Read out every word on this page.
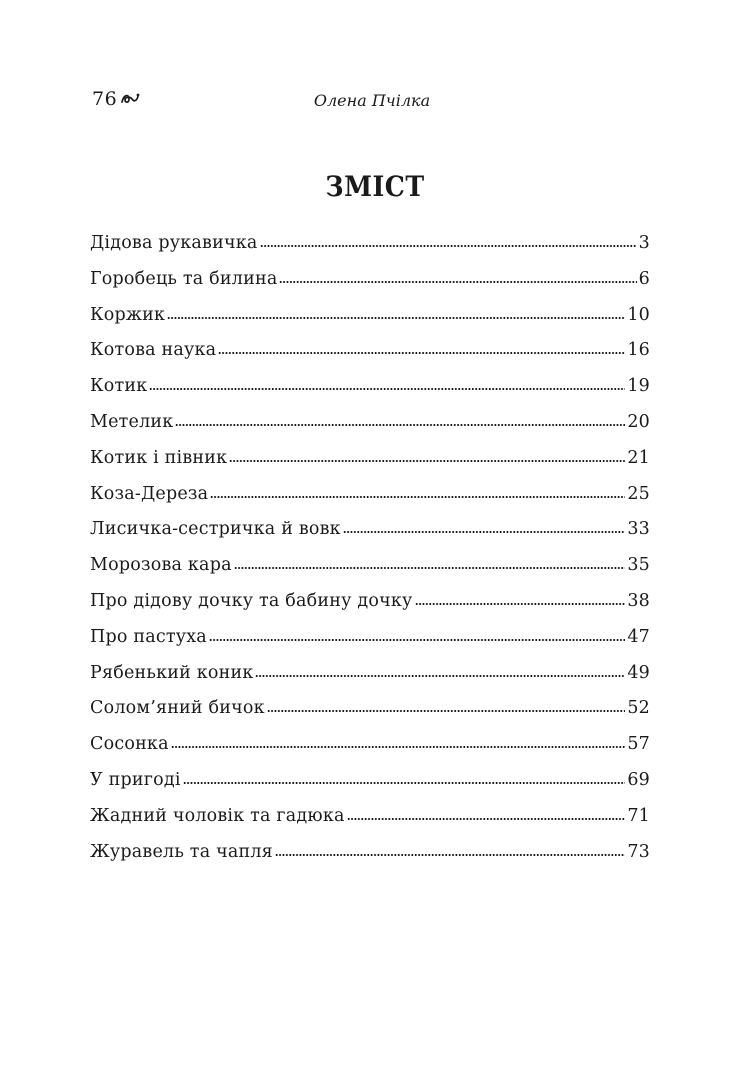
76	Олена Пчілка
ЗМІСТ
Дідова рукавичка	3
Горобець та билина	6
Коржик	10
Котова наука	16
Котик	19
Метелик	20
Котик і півник	21
Коза-Дереза	25
Лисичка-сестричка й вовк	33
Морозова кара	35
Про дідову дочку та бабину дочку	38
Про пастуха	47
Рябенький коник	49
Солом’яний бичок	52
Сосонка	57
У пригоді	69
Жадний чоловік та гадюка	71
Журавель та чапля	73
